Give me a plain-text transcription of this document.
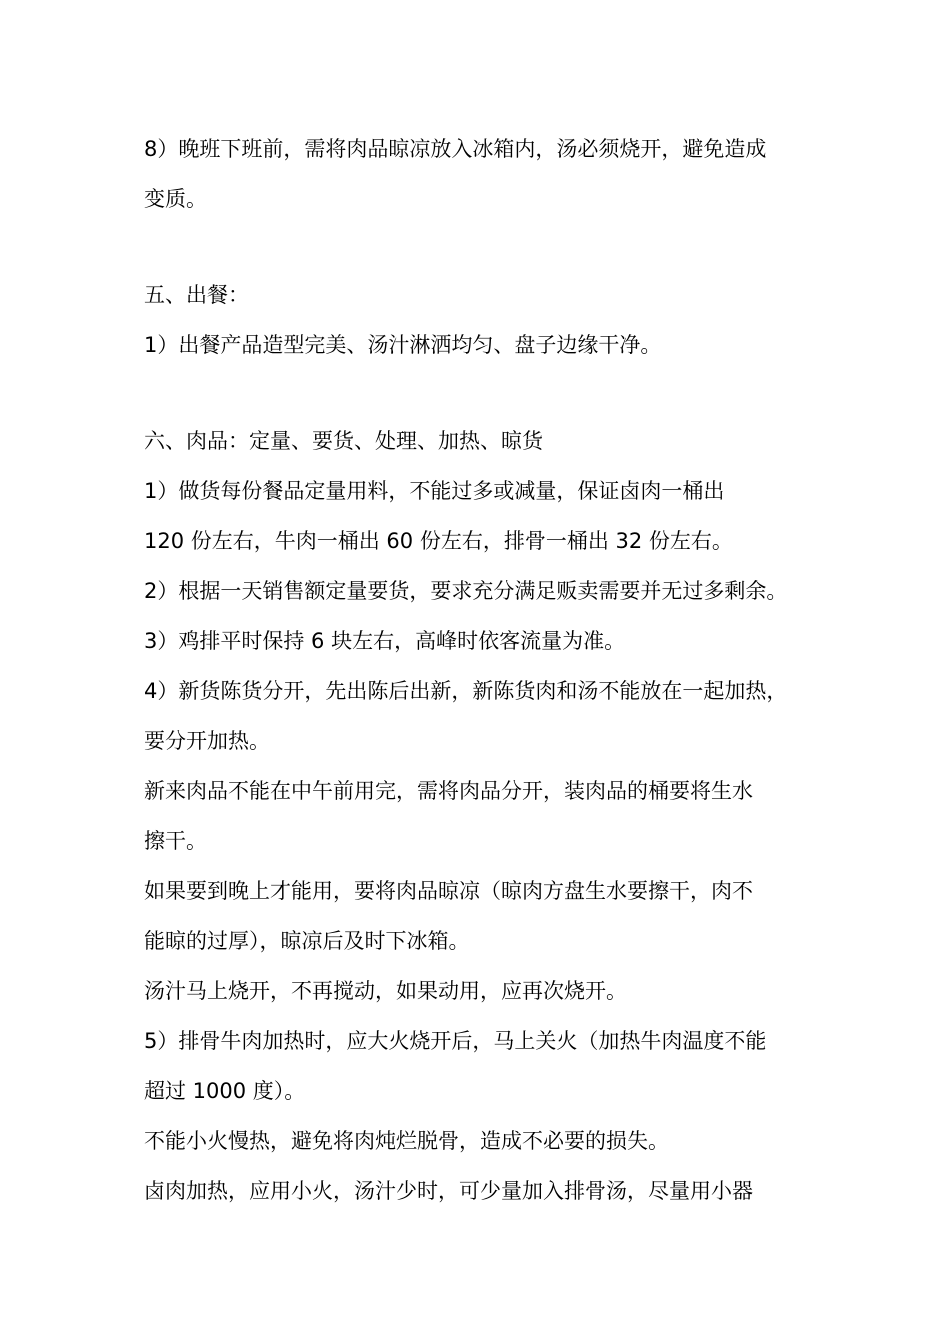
8）晚班下班前，需将肉品晾凉放入冰箱内，汤必须烧开，避免造成
变质。
五、出餐：
1）出餐产品造型完美、汤汁淋洒均匀、盘子边缘干净。
六、肉品：定量、要货、处理、加热、晾货
1）做货每份餐品定量用料，不能过多或减量，保证卤肉一桶出
120 份左右，牛肉一桶出 60 份左右，排骨一桶出 32 份左右。
2）根据一天销售额定量要货，要求充分满足贩卖需要并无过多剩余。
3）鸡排平时保持 6 块左右，高峰时依客流量为准。
4）新货陈货分开，先出陈后出新，新陈货肉和汤不能放在一起加热，
要分开加热。
新来肉品不能在中午前用完，需将肉品分开，装肉品的桶要将生水
擦干。
如果要到晚上才能用，要将肉品晾凉（晾肉方盘生水要擦干，肉不
能晾的过厚），晾凉后及时下冰箱。
汤汁马上烧开，不再搅动，如果动用，应再次烧开。
5）排骨牛肉加热时，应大火烧开后，马上关火（加热牛肉温度不能
超过 1000 度）。
不能小火慢热，避免将肉炖烂脱骨，造成不必要的损失。
卤肉加热，应用小火，汤汁少时，可少量加入排骨汤，尽量用小器
